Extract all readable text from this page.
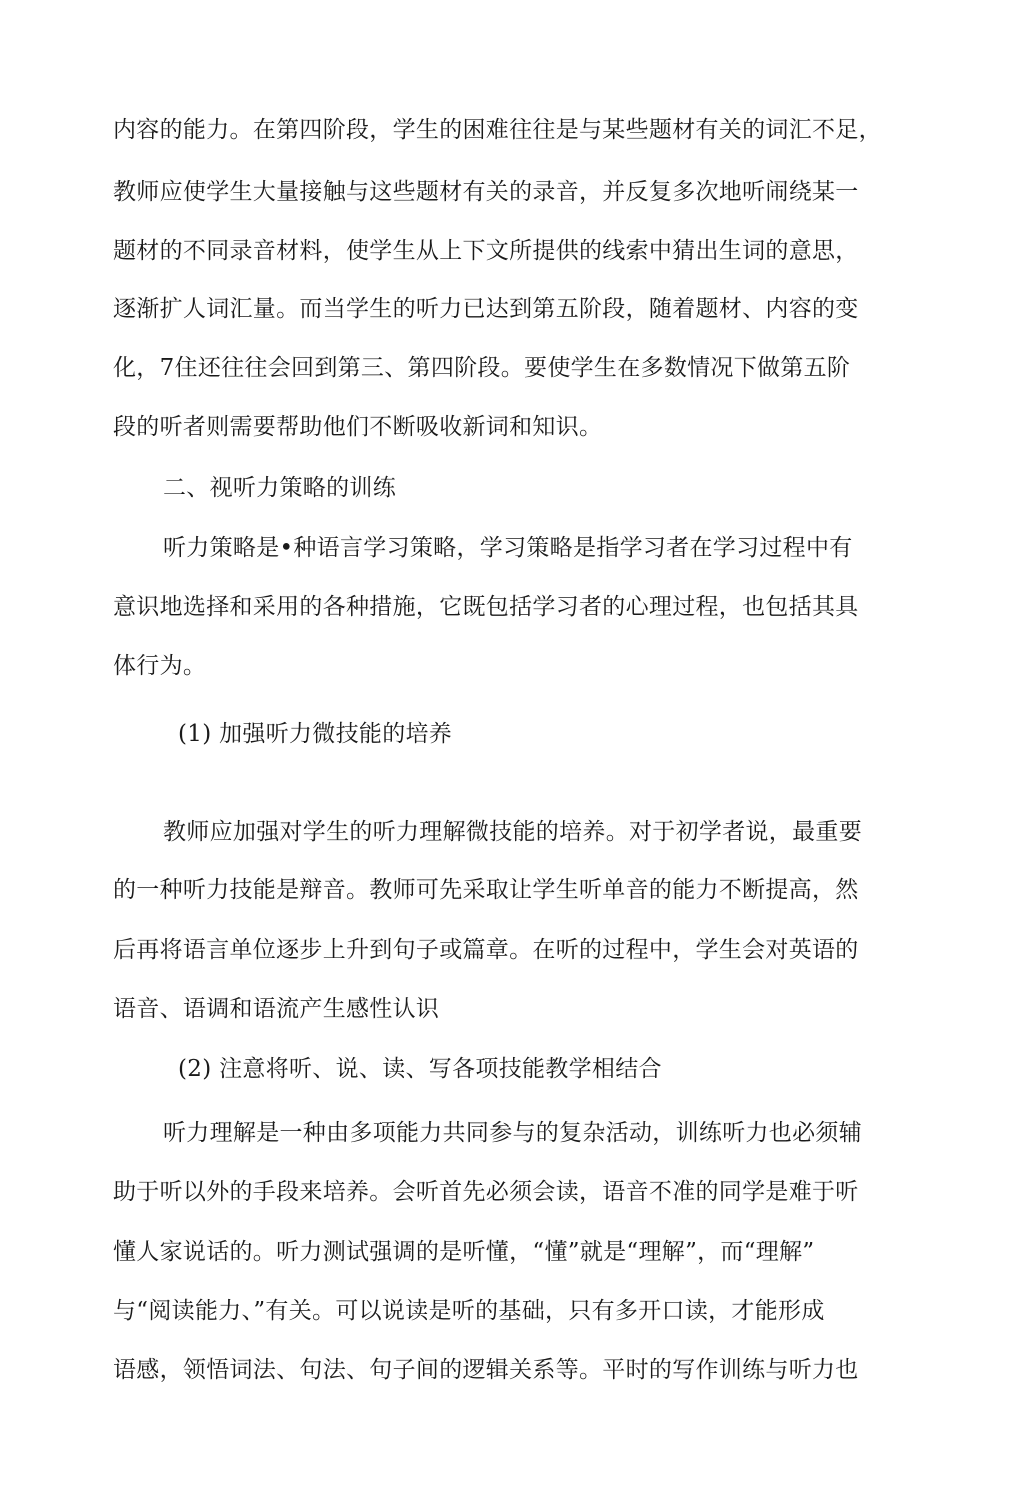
内容的能力。在第四阶段，学生的困难往往是与某些题材有关的词汇不足，
教师应使学生大量接触与这些题材有关的录音，并反复多次地听闹绕某一
题材的不同录音材料，使学生从上下文所提供的线索中猜出生词的意思，
逐渐扩人词汇量。而当学生的听力已达到第五阶段，随着题材、内容的变
化，7住还往往会回到第三、第四阶段。要使学生在多数情况下做第五阶
段的听者则需要帮助他们不断吸收新词和知识。
二、视听力策略的训练
听力策略是•种语言学习策略，学习策略是指学习者在学习过程中有
意识地选择和采用的各种措施，它既包括学习者的心理过程，也包括其具
体行为。
(1) 加强听力微技能的培养
教师应加强对学生的听力理解微技能的培养。对于初学者说，最重要
的一种听力技能是辩音。教师可先采取让学生听单音的能力不断提高，然
后再将语言单位逐步上升到句子或篇章。在听的过程中，学生会对英语的
语音、语调和语流产生感性认识
(2) 注意将听、说、读、写各项技能教学相结合
听力理解是一种由多项能力共同参与的复杂活动，训练听力也必须辅
助于听以外的手段来培养。会听首先必须会读，语音不准的同学是难于听
懂人家说话的。听力测试强调的是听懂，“懂”就是“理解”，而“理解”
与“阅读能力、”有关。可以说读是听的基础，只有多开口读，才能形成
语感，领悟词法、句法、句子间的逻辑关系等。平时的写作训练与听力也
